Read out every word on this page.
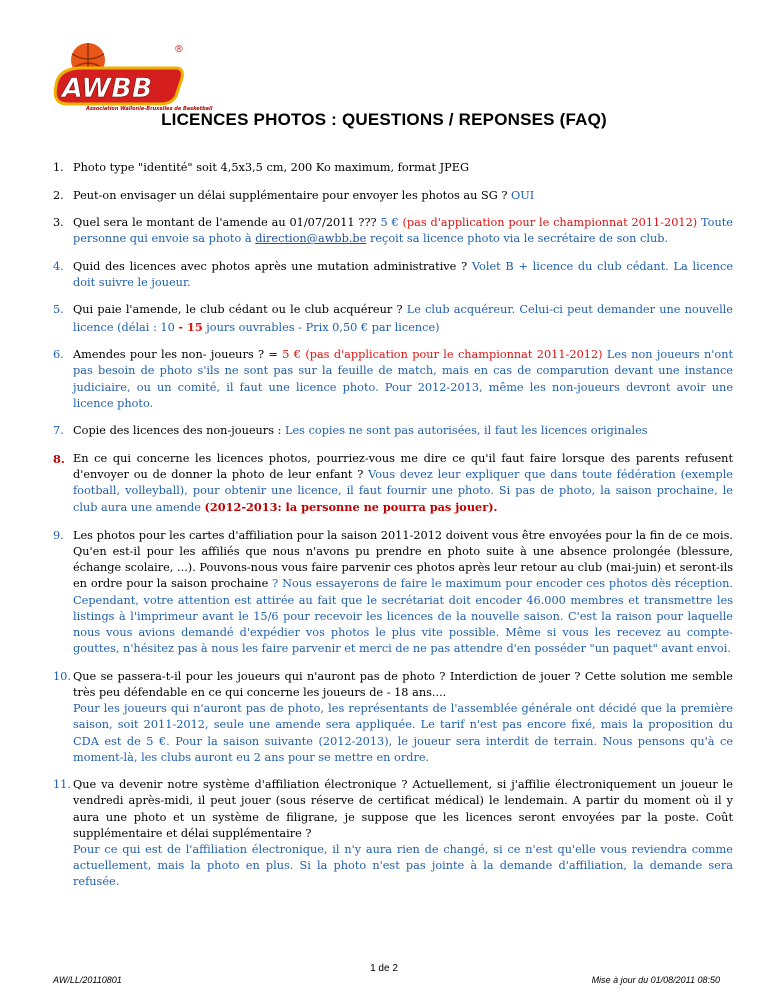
AWBB
®
Association Wallonie-Bruxelles de Basketball
LICENCES PHOTOS : QUESTIONS / REPONSES (FAQ)
1. Photo type "identité" soit 4,5x3,5 cm, 200 Ko maximum, format JPEG
2. Peut-on envisager un délai supplémentaire pour envoyer les photos au SG ? OUI
3. Quel sera le montant de l'amende au 01/07/2011 ??? 5 € (pas d'application pour le championnat 2011-2012) Toute personne qui envoie sa photo à direction@awbb.be reçoit sa licence photo via le secrétaire de son club.
4. Quid des licences avec photos après une mutation administrative ? Volet B + licence du club cédant. La licence doit suivre le joueur.
5. Qui paie l'amende, le club cédant ou le club acquéreur ? Le club acquéreur. Celui-ci peut demander une nouvelle licence (délai : 10 - 15 jours ouvrables - Prix 0,50 € par licence)
6. Amendes pour les non- joueurs ? = 5 € (pas d'application pour le championnat 2011-2012) Les non joueurs n'ont pas besoin de photo s'ils ne sont pas sur la feuille de match, mais en cas de comparution devant une instance judiciaire, ou un comité, il faut une licence photo. Pour 2012-2013, même les non-joueurs devront avoir une licence photo.
7. Copie des licences des non-joueurs : Les copies ne sont pas autorisées, il faut les licences originales
8. En ce qui concerne les licences photos, pourriez-vous me dire ce qu'il faut faire lorsque des parents refusent d'envoyer ou de donner la photo de leur enfant ? Vous devez leur expliquer que dans toute fédération (exemple football, volleyball), pour obtenir une licence, il faut fournir une photo. Si pas de photo, la saison prochaine, le club aura une amende (2012-2013: la personne ne pourra pas jouer).
9. Les photos pour les cartes d'affiliation pour la saison 2011-2012 doivent vous être envoyées pour la fin de ce mois. Qu'en est-il pour les affiliés que nous n'avons pu prendre en photo suite à une absence prolongée (blessure, échange scolaire, ...). Pouvons-nous vous faire parvenir ces photos après leur retour au club (mai-juin) et seront-ils en ordre pour la saison prochaine ? Nous essayerons de faire le maximum pour encoder ces photos dès réception. Cependant, votre attention est attirée au fait que le secrétariat doit encoder 46.000 membres et transmettre les listings à l'imprimeur avant le 15/6 pour recevoir les licences de la nouvelle saison. C'est la raison pour laquelle nous vous avions demandé d'expédier vos photos le plus vite possible. Même si vous les recevez au compte-gouttes, n'hésitez pas à nous les faire parvenir et merci de ne pas attendre d'en posséder "un paquet" avant envoi.
10. Que se passera-t-il pour les joueurs qui n'auront pas de photo ? Interdiction de jouer ? Cette solution me semble très peu défendable en ce qui concerne les joueurs de - 18 ans....
Pour les joueurs qui n'auront pas de photo, les représentants de l'assemblée générale ont décidé que la première saison, soit 2011-2012, seule une amende sera appliquée. Le tarif n'est pas encore fixé, mais la proposition du CDA est de 5 €. Pour la saison suivante (2012-2013), le joueur sera interdit de terrain. Nous pensons qu'à ce moment-là, les clubs auront eu 2 ans pour se mettre en ordre.
11. Que va devenir notre système d'affiliation électronique ? Actuellement, si j'affilie électroniquement un joueur le vendredi après-midi, il peut jouer (sous réserve de certificat médical) le lendemain. A partir du moment où il y aura une photo et un système de filigrane, je suppose que les licences seront envoyées par la poste. Coût supplémentaire et délai supplémentaire ?
Pour ce qui est de l'affiliation électronique, il n'y aura rien de changé, si ce n'est qu'elle vous reviendra comme actuellement, mais la photo en plus. Si la photo n'est pas jointe à la demande d'affiliation, la demande sera refusée.
1 de 2
AW/LL/20110801	Mise à jour du 01/08/2011 08:50
